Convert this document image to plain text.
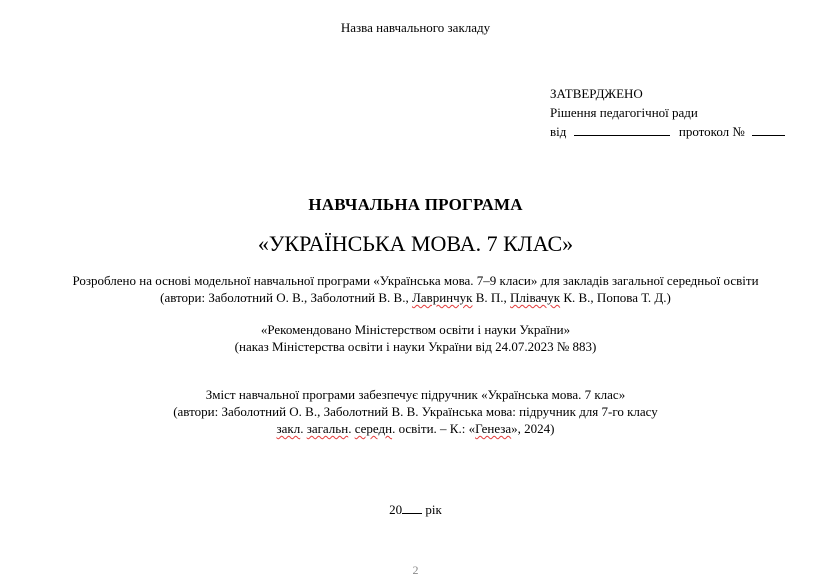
Назва навчального закладу
ЗАТВЕРДЖЕНО
Рішення педагогічної ради
від	протокол №
НАВЧАЛЬНА ПРОГРАМА
«УКРАЇНСЬКА МОВА. 7 КЛАС»
Розроблено на основі модельної навчальної програми «Українська мова. 7–9 класи» для закладів загальної середньої освіти
(автори: Заболотний О. В., Заболотний В. В., Лавринчук В. П., Плівачук К. В., Попова Т. Д.)
«Рекомендовано Міністерством освіти і науки України»
(наказ Міністерства освіти і науки України від 24.07.2023 № 883)
Зміст навчальної програми забезпечує підручник «Українська мова. 7 клас»
(автори: Заболотний О. В., Заболотний В. В. Українська мова: підручник для 7-го класу
закл. загальн. середн. освіти. – К.: «Генеза», 2024)
20 рік
2
